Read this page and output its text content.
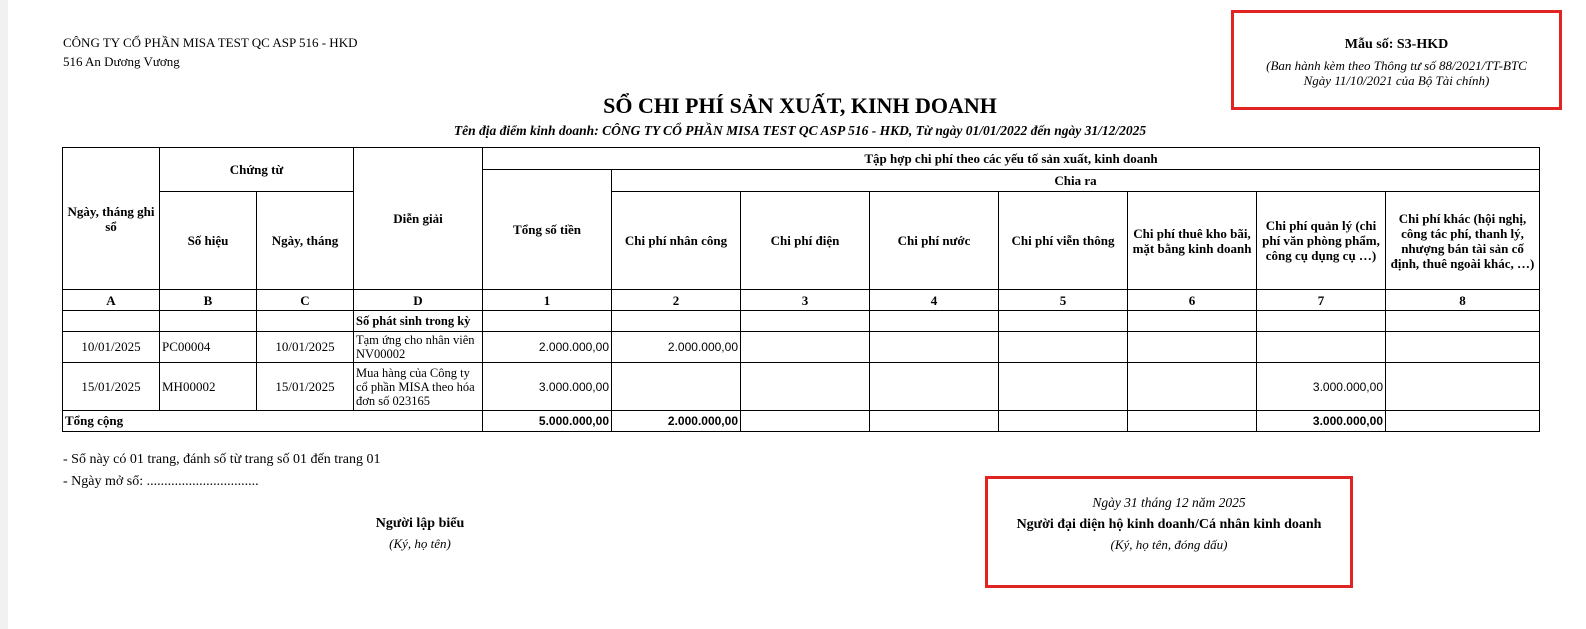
CÔNG TY CỔ PHẦN MISA TEST QC ASP 516 - HKD
516 An Dương Vương
Mẫu số: S3-HKD
(Ban hành kèm theo Thông tư số 88/2021/TT-BTC
Ngày 11/10/2021 của Bộ Tài chính)
SỔ CHI PHÍ SẢN XUẤT, KINH DOANH
Tên địa điểm kinh doanh: CÔNG TY CỔ PHẦN MISA TEST QC ASP 516 - HKD, Từ ngày 01/01/2022 đến ngày 31/12/2025
Ngày, tháng ghi sổ	Chứng từ		Diễn giải	Tập hợp chi phí theo các yếu tố sản xuất, kinh doanh							
				Tổng số tiền	Chia ra						
	Số hiệu	Ngày, tháng			Chi phí nhân công	Chi phí điện	Chi phí nước	Chi phí viễn thông	Chi phí thuê kho bãi, mặt bằng kinh doanh	Chi phí quản lý (chi phí văn phòng phẩm, công cụ dụng cụ …)	Chi phí khác (hội nghị, công tác phí, thanh lý, nhượng bán tài sản cố định, thuê ngoài khác, …)
A	B	C	D	1	2	3	4	5	6	7	8
			Số phát sinh trong kỳ								
10/01/2025	PC00004	10/01/2025	Tạm ứng cho nhân viên NV00002	2.000.000,00	2.000.000,00						
15/01/2025	MH00002	15/01/2025	Mua hàng của Công ty cổ phần MISA theo hóa đơn số 023165	3.000.000,00						3.000.000,00	
Tổng cộng				5.000.000,00	2.000.000,00					3.000.000,00	
- Sổ này có 01 trang, đánh số từ trang số 01 đến trang 01
- Ngày mở sổ: ................................
Người lập biểu
(Ký, họ tên)
Ngày 31 tháng 12 năm 2025
Người đại diện hộ kinh doanh/Cá nhân kinh doanh
(Ký, họ tên, đóng dấu)
